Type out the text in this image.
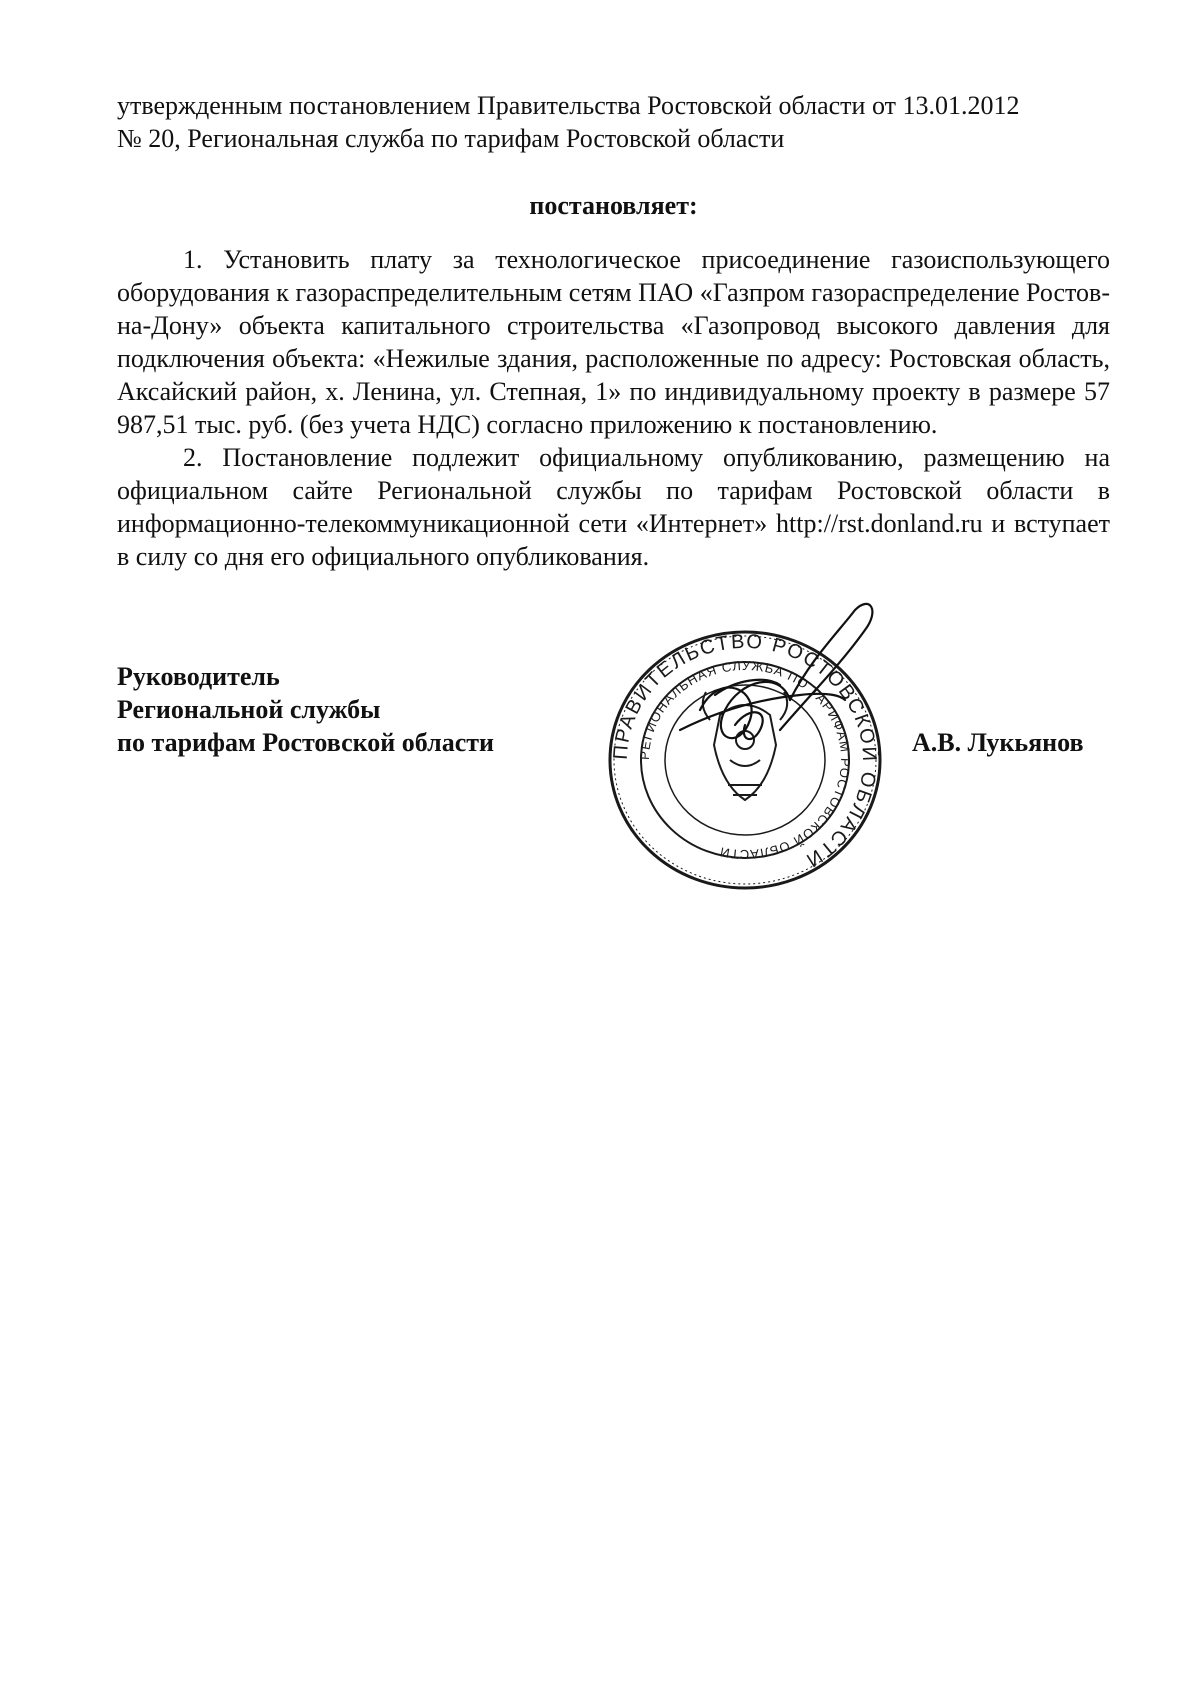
утвержденным постановлением Правительства Ростовской области от 13.01.2012

№ 20, Региональная служба по тарифам Ростовской области

постановляет:

1. Установить плату за технологическое присоединение газоиспользующего оборудования к газораспределительным сетям ПАО «Газпром газораспределение Ростов-на-Дону» объекта капитального строительства «Газопровод высокого давления для подключения объекта: «Нежилые здания, расположенные по адресу: Ростовская область, Аксайский район, х. Ленина, ул. Степная, 1» по индивидуальному проекту в размере 57 987,51 тыс. руб. (без учета НДС) согласно приложению к постановлению.

2. Постановление подлежит официальному опубликованию, размещению на официальном сайте Региональной службы по тарифам Ростовской области в информационно-телекоммуникационной сети «Интернет» http://rst.donland.ru и вступает в силу со дня его официального опубликования.

Руководитель
Региональной службы
по тарифам Ростовской области	ПРАВИТЕЛЬСТВО РОСТОВСКОЙ ОБЛАСТИ
РЕГИОНАЛЬНАЯ СЛУЖБА ПО ТАРИФАМ РОСТОВСКОЙ ОБЛАСТИ
А.В. Лукьянов
